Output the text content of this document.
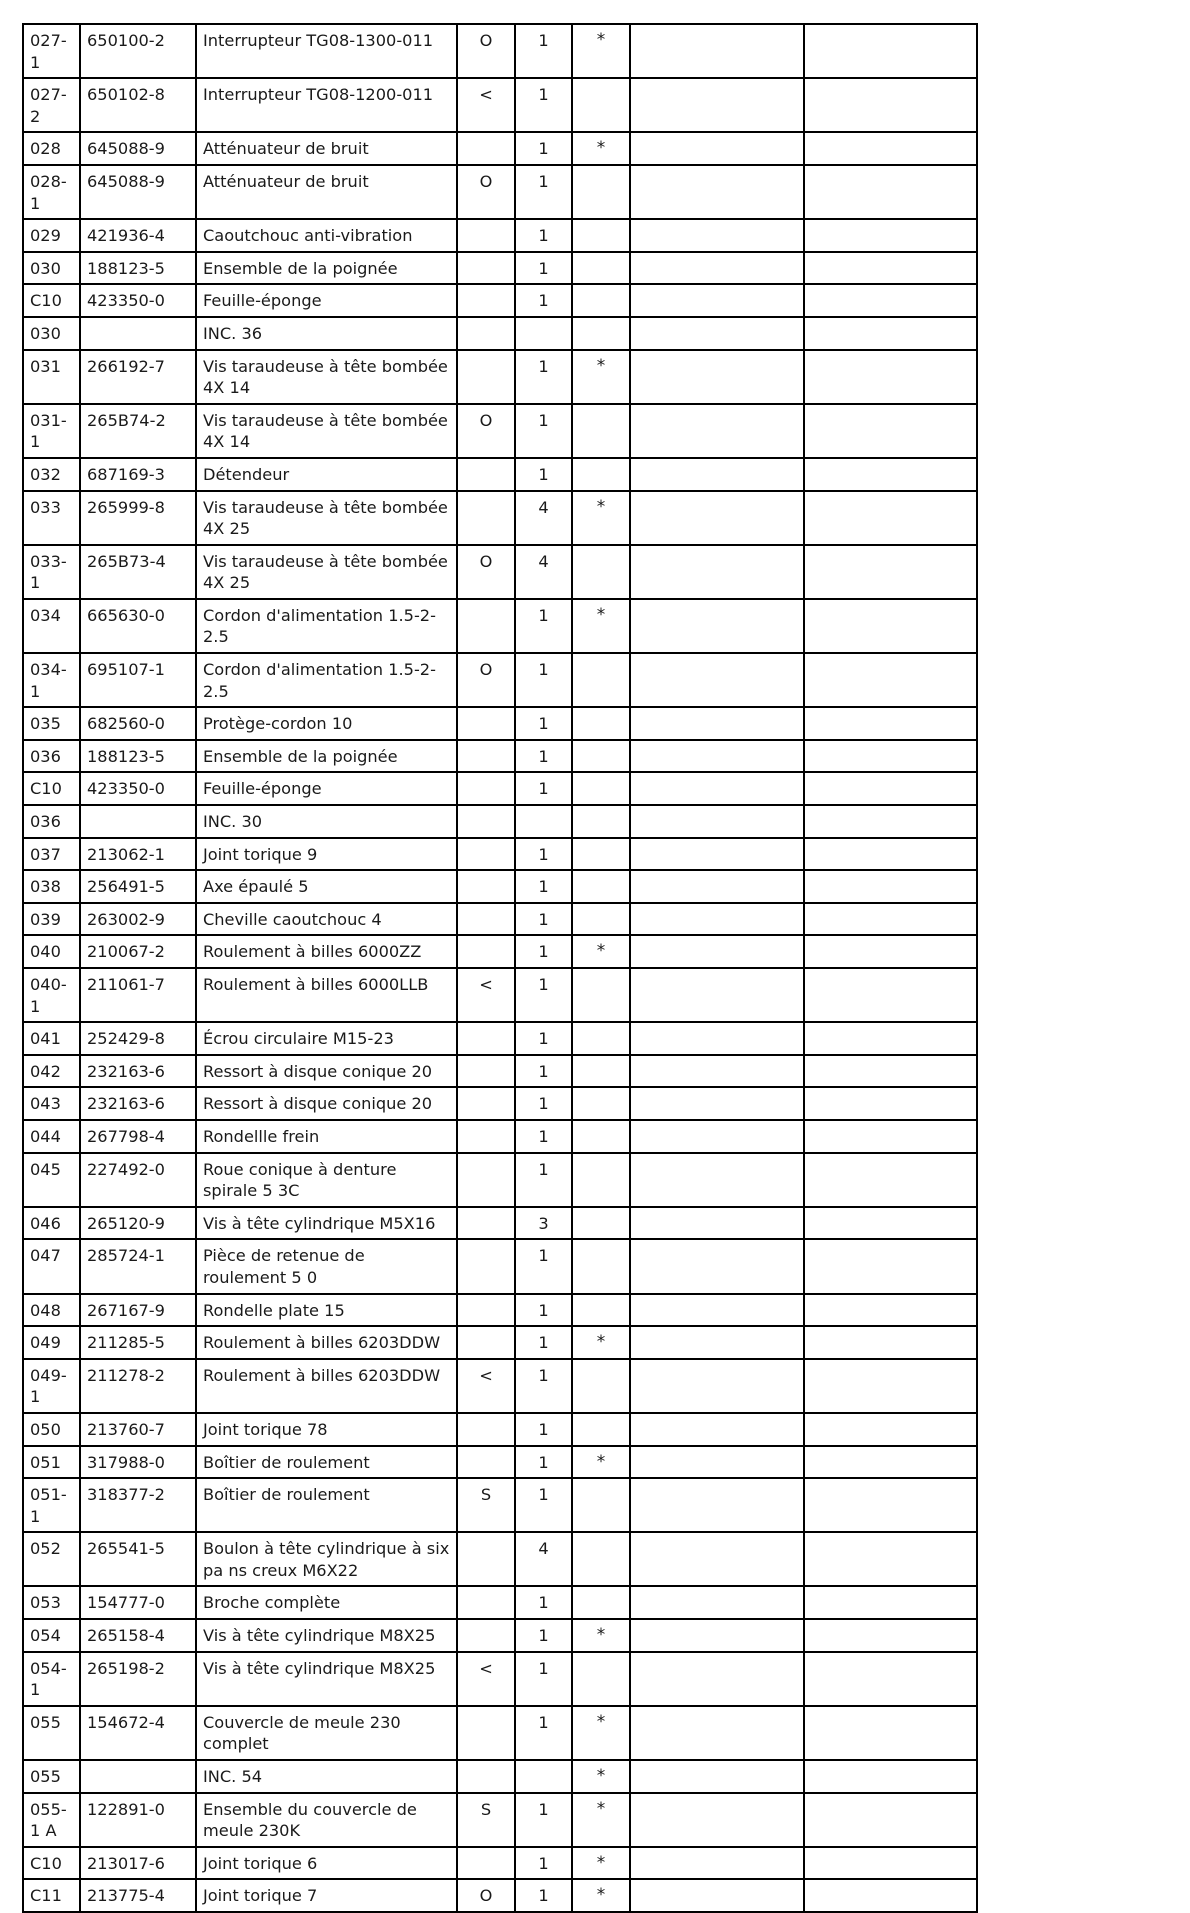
027-1	650100-2	Interrupteur TG08-1300-011	O	1	*		
027-2	650102-8	Interrupteur TG08-1200-011	<	1			
028	645088-9	Atténuateur de bruit		1	*		
028-1	645088-9	Atténuateur de bruit	O	1			
029	421936-4	Caoutchouc anti-vibration		1			
030	188123-5	Ensemble de la poignée		1			
C10	423350-0	Feuille-éponge		1			
030		INC. 36					
031	266192-7	Vis taraudeuse à tête bombée 4X 14		1	*		
031-1	265B74-2	Vis taraudeuse à tête bombée 4X 14	O	1			
032	687169-3	Détendeur		1			
033	265999-8	Vis taraudeuse à tête bombée 4X 25		4	*		
033-1	265B73-4	Vis taraudeuse à tête bombée 4X 25	O	4			
034	665630-0	Cordon d'alimentation 1.5-2-2.5		1	*		
034-1	695107-1	Cordon d'alimentation 1.5-2-2.5	O	1			
035	682560-0	Protège-cordon 10		1			
036	188123-5	Ensemble de la poignée		1			
C10	423350-0	Feuille-éponge		1			
036		INC. 30					
037	213062-1	Joint torique 9		1			
038	256491-5	Axe épaulé 5		1			
039	263002-9	Cheville caoutchouc 4		1			
040	210067-2	Roulement à billes 6000ZZ		1	*		
040-1	211061-7	Roulement à billes 6000LLB	<	1			
041	252429-8	Écrou circulaire M15-23		1			
042	232163-6	Ressort à disque conique 20		1			
043	232163-6	Ressort à disque conique 20		1			
044	267798-4	Rondellle frein		1			
045	227492-0	Roue conique à denture spirale 5 3C		1			
046	265120-9	Vis à tête cylindrique M5X16		3			
047	285724-1	Pièce de retenue de roulement 5 0		1			
048	267167-9	Rondelle plate 15		1			
049	211285-5	Roulement à billes 6203DDW		1	*		
049-1	211278-2	Roulement à billes 6203DDW	<	1			
050	213760-7	Joint torique 78		1			
051	317988-0	Boîtier de roulement		1	*		
051-1	318377-2	Boîtier de roulement	S	1			
052	265541-5	Boulon à tête cylindrique à six pa ns creux M6X22		4			
053	154777-0	Broche complète		1			
054	265158-4	Vis à tête cylindrique M8X25		1	*		
054-1	265198-2	Vis à tête cylindrique M8X25	<	1			
055	154672-4	Couvercle de meule 230 complet		1	*		
055		INC. 54			*		
055-1 A	122891-0	Ensemble du couvercle de meule 230K	S	1	*		
C10	213017-6	Joint torique 6		1	*		
C11	213775-4	Joint torique 7	O	1	*		
